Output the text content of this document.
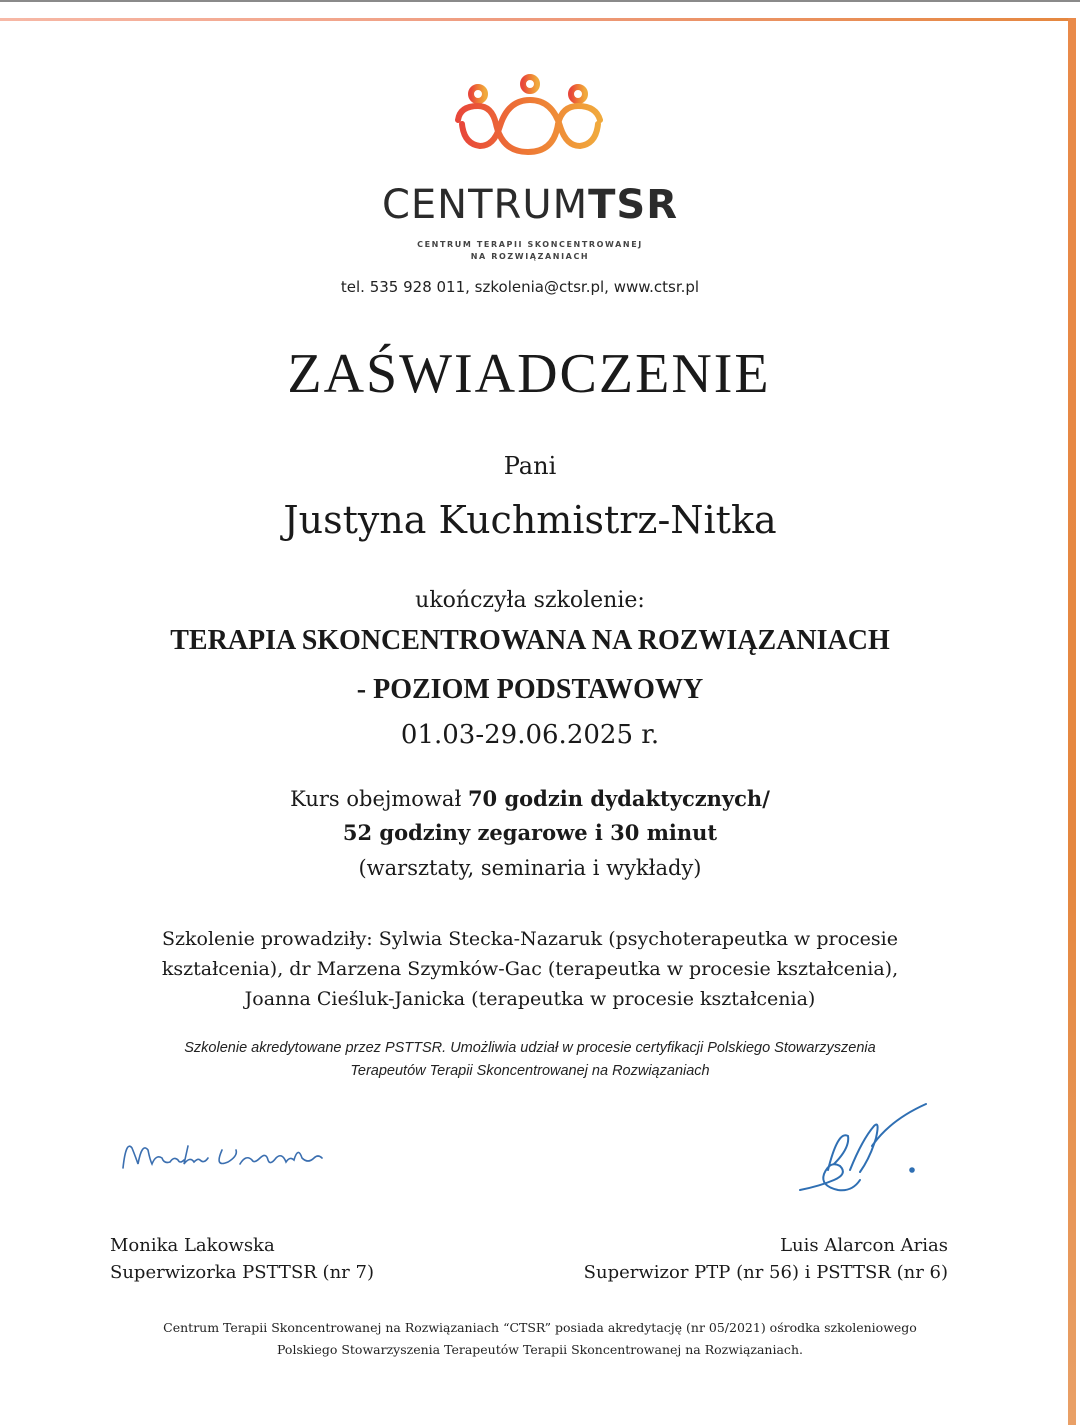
CENTRUMTSR
CENTRUM TERAPII SKONCENTROWANEJ
NA ROZWIĄZANIACH
tel. 535 928 011, szkolenia@ctsr.pl, www.ctsr.pl
ZAŚWIADCZENIE
Pani
Justyna Kuchmistrz-Nitka
ukończyła szkolenie:
TERAPIA SKONCENTROWANA NA ROZWIĄZANIACH
- POZIOM PODSTAWOWY
01.03-29.06.2025 r.
Kurs obejmował 70 godzin dydaktycznych/
52 godziny zegarowe i 30 minut
(warsztaty, seminaria i wykłady)
Szkolenie prowadziły: Sylwia Stecka-Nazaruk (psychoterapeutka w procesie
kształcenia), dr Marzena Szymków-Gac (terapeutka w procesie kształcenia),
Joanna Cieśluk-Janicka (terapeutka w procesie kształcenia)
Szkolenie akredytowane przez PSTTSR. Umożliwia udział w procesie certyfikacji Polskiego Stowarzyszenia
Terapeutów Terapii Skoncentrowanej na Rozwiązaniach
Monika Lakowska
Superwizorka PSTTSR (nr 7)
Luis Alarcon Arias
Superwizor PTP (nr 56) i PSTTSR (nr 6)
Centrum Terapii Skoncentrowanej na Rozwiązaniach “CTSR” posiada akredytację (nr 05/2021) ośrodka szkoleniowego
Polskiego Stowarzyszenia Terapeutów Terapii Skoncentrowanej na Rozwiązaniach.
